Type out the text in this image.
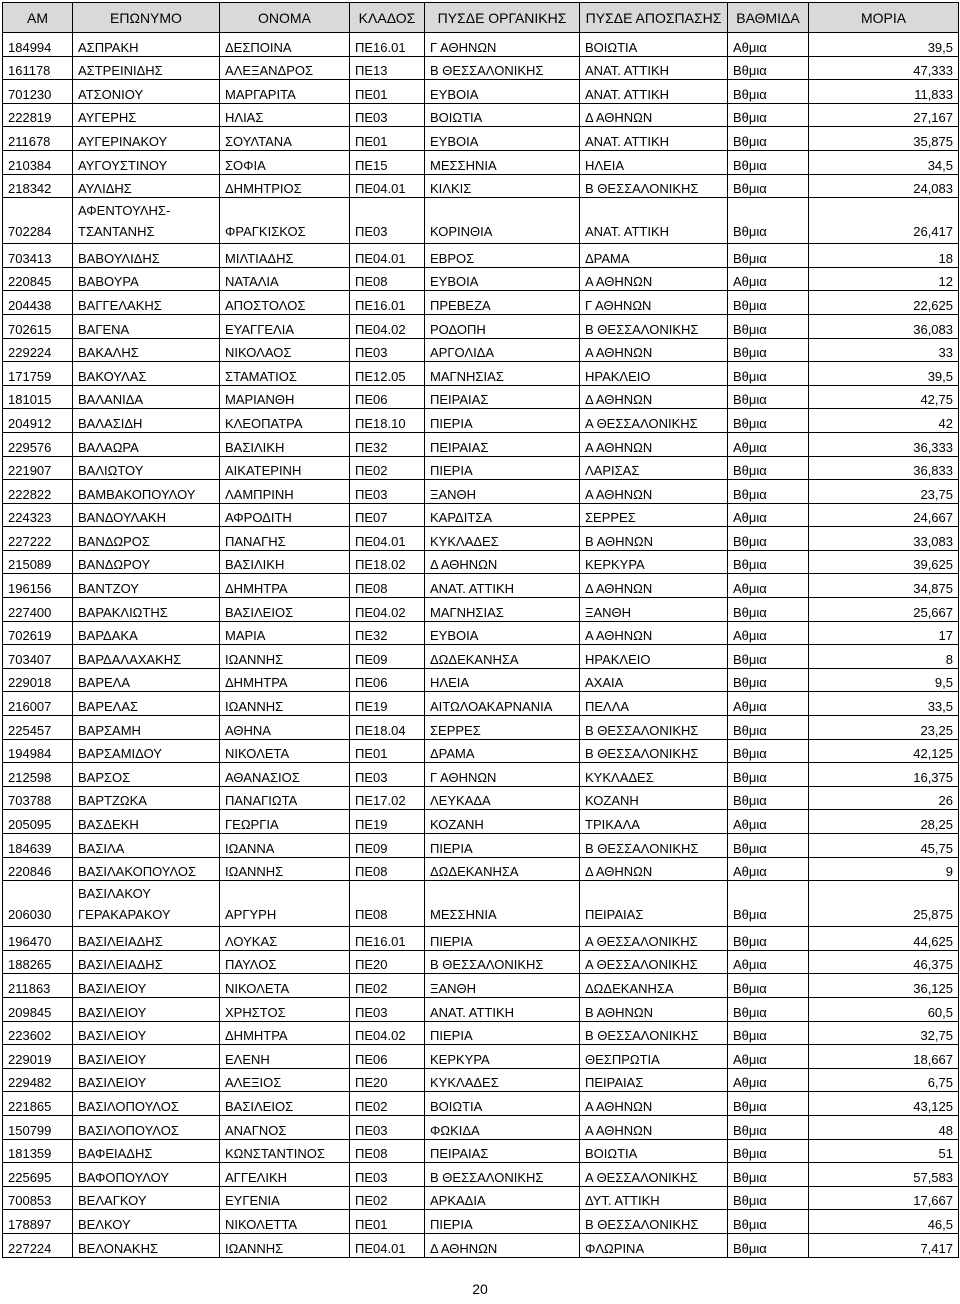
AM	ΕΠΩΝΥΜΟ	ΟΝΟΜΑ	ΚΛΑΔΟΣ	ΠΥΣΔΕ ΟΡΓΑΝΙΚΗΣ	ΠΥΣΔΕ ΑΠΟΣΠΑΣΗΣ	ΒΑΘΜΙΔΑ	ΜΟΡΙΑ
184994	ΑΣΠΡΑΚΗ	ΔΕΣΠΟΙΝΑ	ΠΕ16.01	Γ ΑΘΗΝΩΝ	ΒΟΙΩΤΙΑ	Αθμια	39,5
161178	ΑΣΤΡΕΙΝΙΔΗΣ	ΑΛΕΞΑΝΔΡΟΣ	ΠΕ13	Β ΘΕΣΣΑΛΟΝΙΚΗΣ	ΑΝΑΤ. ΑΤΤΙΚΗ	Βθμια	47,333
701230	ΑΤΣΟΝΙΟΥ	ΜΑΡΓΑΡΙΤΑ	ΠΕ01	ΕΥΒΟΙΑ	ΑΝΑΤ. ΑΤΤΙΚΗ	Βθμια	11,833
222819	ΑΥΓΕΡΗΣ	ΗΛΙΑΣ	ΠΕ03	ΒΟΙΩΤΙΑ	Δ ΑΘΗΝΩΝ	Βθμια	27,167
211678	ΑΥΓΕΡΙΝΑΚΟΥ	ΣΟΥΛΤΑΝΑ	ΠΕ01	ΕΥΒΟΙΑ	ΑΝΑΤ. ΑΤΤΙΚΗ	Βθμια	35,875
210384	ΑΥΓΟΥΣΤΙΝΟΥ	ΣΟΦΙΑ	ΠΕ15	ΜΕΣΣΗΝΙΑ	ΗΛΕΙΑ	Βθμια	34,5
218342	ΑΥΛΙΔΗΣ	ΔΗΜΗΤΡΙΟΣ	ΠΕ04.01	ΚΙΛΚΙΣ	Β ΘΕΣΣΑΛΟΝΙΚΗΣ	Βθμια	24,083
702284	ΑΦΕΝΤΟΥΛΗΣ-ΤΣΑΝΤΑΝΗΣ	ΦΡΑΓΚΙΣΚΟΣ	ΠΕ03	ΚΟΡΙΝΘΙΑ	ΑΝΑΤ. ΑΤΤΙΚΗ	Βθμια	26,417
703413	ΒΑΒΟΥΛΙΔΗΣ	ΜΙΛΤΙΑΔΗΣ	ΠΕ04.01	ΕΒΡΟΣ	ΔΡΑΜΑ	Βθμια	18
220845	ΒΑΒΟΥΡΑ	ΝΑΤΑΛΙΑ	ΠΕ08	ΕΥΒΟΙΑ	Α ΑΘΗΝΩΝ	Αθμια	12
204438	ΒΑΓΓΕΛΑΚΗΣ	ΑΠΟΣΤΟΛΟΣ	ΠΕ16.01	ΠΡΕΒΕΖΑ	Γ ΑΘΗΝΩΝ	Βθμια	22,625
702615	ΒΑΓΕΝΑ	ΕΥΑΓΓΕΛΙΑ	ΠΕ04.02	ΡΟΔΟΠΗ	Β ΘΕΣΣΑΛΟΝΙΚΗΣ	Βθμια	36,083
229224	ΒΑΚΑΛΗΣ	ΝΙΚΟΛΑΟΣ	ΠΕ03	ΑΡΓΟΛΙΔΑ	Α ΑΘΗΝΩΝ	Βθμια	33
171759	ΒΑΚΟΥΛΑΣ	ΣΤΑΜΑΤΙΟΣ	ΠΕ12.05	ΜΑΓΝΗΣΙΑΣ	ΗΡΑΚΛΕΙΟ	Βθμια	39,5
181015	ΒΑΛΑΝΙΔΑ	ΜΑΡΙΑΝΘΗ	ΠΕ06	ΠΕΙΡΑΙΑΣ	Δ ΑΘΗΝΩΝ	Βθμια	42,75
204912	ΒΑΛΑΣΙΔΗ	ΚΛΕΟΠΑΤΡΑ	ΠΕ18.10	ΠΙΕΡΙΑ	Α ΘΕΣΣΑΛΟΝΙΚΗΣ	Βθμια	42
229576	ΒΑΛΑΩΡΑ	ΒΑΣΙΛΙΚΗ	ΠΕ32	ΠΕΙΡΑΙΑΣ	Α ΑΘΗΝΩΝ	Αθμια	36,333
221907	ΒΑΛΙΩΤΟΥ	ΑΙΚΑΤΕΡΙΝΗ	ΠΕ02	ΠΙΕΡΙΑ	ΛΑΡΙΣΑΣ	Βθμια	36,833
222822	ΒΑΜΒΑΚΟΠΟΥΛΟΥ	ΛΑΜΠΡΙΝΗ	ΠΕ03	ΞΑΝΘΗ	Α ΑΘΗΝΩΝ	Βθμια	23,75
224323	ΒΑΝΔΟΥΛΑΚΗ	ΑΦΡΟΔΙΤΗ	ΠΕ07	ΚΑΡΔΙΤΣΑ	ΣΕΡΡΕΣ	Αθμια	24,667
227222	ΒΑΝΔΩΡΟΣ	ΠΑΝΑΓΗΣ	ΠΕ04.01	ΚΥΚΛΑΔΕΣ	Β ΑΘΗΝΩΝ	Βθμια	33,083
215089	ΒΑΝΔΩΡΟΥ	ΒΑΣΙΛΙΚΗ	ΠΕ18.02	Δ ΑΘΗΝΩΝ	ΚΕΡΚΥΡΑ	Βθμια	39,625
196156	ΒΑΝΤΖΟΥ	ΔΗΜΗΤΡΑ	ΠΕ08	ΑΝΑΤ. ΑΤΤΙΚΗ	Δ ΑΘΗΝΩΝ	Αθμια	34,875
227400	ΒΑΡΑΚΛΙΩΤΗΣ	ΒΑΣΙΛΕΙΟΣ	ΠΕ04.02	ΜΑΓΝΗΣΙΑΣ	ΞΑΝΘΗ	Βθμια	25,667
702619	ΒΑΡΔΑΚΑ	ΜΑΡΙΑ	ΠΕ32	ΕΥΒΟΙΑ	Α ΑΘΗΝΩΝ	Αθμια	17
703407	ΒΑΡΔΑΛΑΧΑΚΗΣ	ΙΩΑΝΝΗΣ	ΠΕ09	ΔΩΔΕΚΑΝΗΣΑ	ΗΡΑΚΛΕΙΟ	Βθμια	8
229018	ΒΑΡΕΛΑ	ΔΗΜΗΤΡΑ	ΠΕ06	ΗΛΕΙΑ	ΑΧΑΙΑ	Βθμια	9,5
216007	ΒΑΡΕΛΑΣ	ΙΩΑΝΝΗΣ	ΠΕ19	ΑΙΤΩΛΟΑΚΑΡΝΑΝΙΑ	ΠΕΛΛΑ	Αθμια	33,5
225457	ΒΑΡΣΑΜΗ	ΑΘΗΝΑ	ΠΕ18.04	ΣΕΡΡΕΣ	Β ΘΕΣΣΑΛΟΝΙΚΗΣ	Βθμια	23,25
194984	ΒΑΡΣΑΜΙΔΟΥ	ΝΙΚΟΛΕΤΑ	ΠΕ01	ΔΡΑΜΑ	Β ΘΕΣΣΑΛΟΝΙΚΗΣ	Βθμια	42,125
212598	ΒΑΡΣΟΣ	ΑΘΑΝΑΣΙΟΣ	ΠΕ03	Γ ΑΘΗΝΩΝ	ΚΥΚΛΑΔΕΣ	Βθμια	16,375
703788	ΒΑΡΤΖΩΚΑ	ΠΑΝΑΓΙΩΤΑ	ΠΕ17.02	ΛΕΥΚΑΔΑ	ΚΟΖΑΝΗ	Βθμια	26
205095	ΒΑΣΔΕΚΗ	ΓΕΩΡΓΙΑ	ΠΕ19	ΚΟΖΑΝΗ	ΤΡΙΚΑΛΑ	Αθμια	28,25
184639	ΒΑΣΙΛΑ	ΙΩΑΝΝΑ	ΠΕ09	ΠΙΕΡΙΑ	Β ΘΕΣΣΑΛΟΝΙΚΗΣ	Βθμια	45,75
220846	ΒΑΣΙΛΑΚΟΠΟΥΛΟΣ	ΙΩΑΝΝΗΣ	ΠΕ08	ΔΩΔΕΚΑΝΗΣΑ	Δ ΑΘΗΝΩΝ	Αθμια	9
206030	ΒΑΣΙΛΑΚΟΥ ΓΕΡΑΚΑΡΑΚΟΥ	ΑΡΓΥΡΗ	ΠΕ08	ΜΕΣΣΗΝΙΑ	ΠΕΙΡΑΙΑΣ	Βθμια	25,875
196470	ΒΑΣΙΛΕΙΑΔΗΣ	ΛΟΥΚΑΣ	ΠΕ16.01	ΠΙΕΡΙΑ	Α ΘΕΣΣΑΛΟΝΙΚΗΣ	Βθμια	44,625
188265	ΒΑΣΙΛΕΙΑΔΗΣ	ΠΑΥΛΟΣ	ΠΕ20	Β ΘΕΣΣΑΛΟΝΙΚΗΣ	Α ΘΕΣΣΑΛΟΝΙΚΗΣ	Αθμια	46,375
211863	ΒΑΣΙΛΕΙΟΥ	ΝΙΚΟΛΕΤΑ	ΠΕ02	ΞΑΝΘΗ	ΔΩΔΕΚΑΝΗΣΑ	Βθμια	36,125
209845	ΒΑΣΙΛΕΙΟΥ	ΧΡΗΣΤΟΣ	ΠΕ03	ΑΝΑΤ. ΑΤΤΙΚΗ	Β ΑΘΗΝΩΝ	Βθμια	60,5
223602	ΒΑΣΙΛΕΙΟΥ	ΔΗΜΗΤΡΑ	ΠΕ04.02	ΠΙΕΡΙΑ	Β ΘΕΣΣΑΛΟΝΙΚΗΣ	Βθμια	32,75
229019	ΒΑΣΙΛΕΙΟΥ	ΕΛΕΝΗ	ΠΕ06	ΚΕΡΚΥΡΑ	ΘΕΣΠΡΩΤΙΑ	Αθμια	18,667
229482	ΒΑΣΙΛΕΙΟΥ	ΑΛΕΞΙΟΣ	ΠΕ20	ΚΥΚΛΑΔΕΣ	ΠΕΙΡΑΙΑΣ	Αθμια	6,75
221865	ΒΑΣΙΛΟΠΟΥΛΟΣ	ΒΑΣΙΛΕΙΟΣ	ΠΕ02	ΒΟΙΩΤΙΑ	Α ΑΘΗΝΩΝ	Βθμια	43,125
150799	ΒΑΣΙΛΟΠΟΥΛΟΣ	ΑΝΑΓΝΟΣ	ΠΕ03	ΦΩΚΙΔΑ	Α ΑΘΗΝΩΝ	Βθμια	48
181359	ΒΑΦΕΙΑΔΗΣ	ΚΩΝΣΤΑΝΤΙΝΟΣ	ΠΕ08	ΠΕΙΡΑΙΑΣ	ΒΟΙΩΤΙΑ	Βθμια	51
225695	ΒΑΦΟΠΟΥΛΟΥ	ΑΓΓΕΛΙΚΗ	ΠΕ03	Β ΘΕΣΣΑΛΟΝΙΚΗΣ	Α ΘΕΣΣΑΛΟΝΙΚΗΣ	Βθμια	57,583
700853	ΒΕΛΑΓΚΟΥ	ΕΥΓΕΝΙΑ	ΠΕ02	ΑΡΚΑΔΙΑ	ΔΥΤ. ΑΤΤΙΚΗ	Βθμια	17,667
178897	ΒΕΛΚΟΥ	ΝΙΚΟΛΕΤΤΑ	ΠΕ01	ΠΙΕΡΙΑ	Β ΘΕΣΣΑΛΟΝΙΚΗΣ	Βθμια	46,5
227224	ΒΕΛΟΝΑΚΗΣ	ΙΩΑΝΝΗΣ	ΠΕ04.01	Δ ΑΘΗΝΩΝ	ΦΛΩΡΙΝΑ	Βθμια	7,417
20
